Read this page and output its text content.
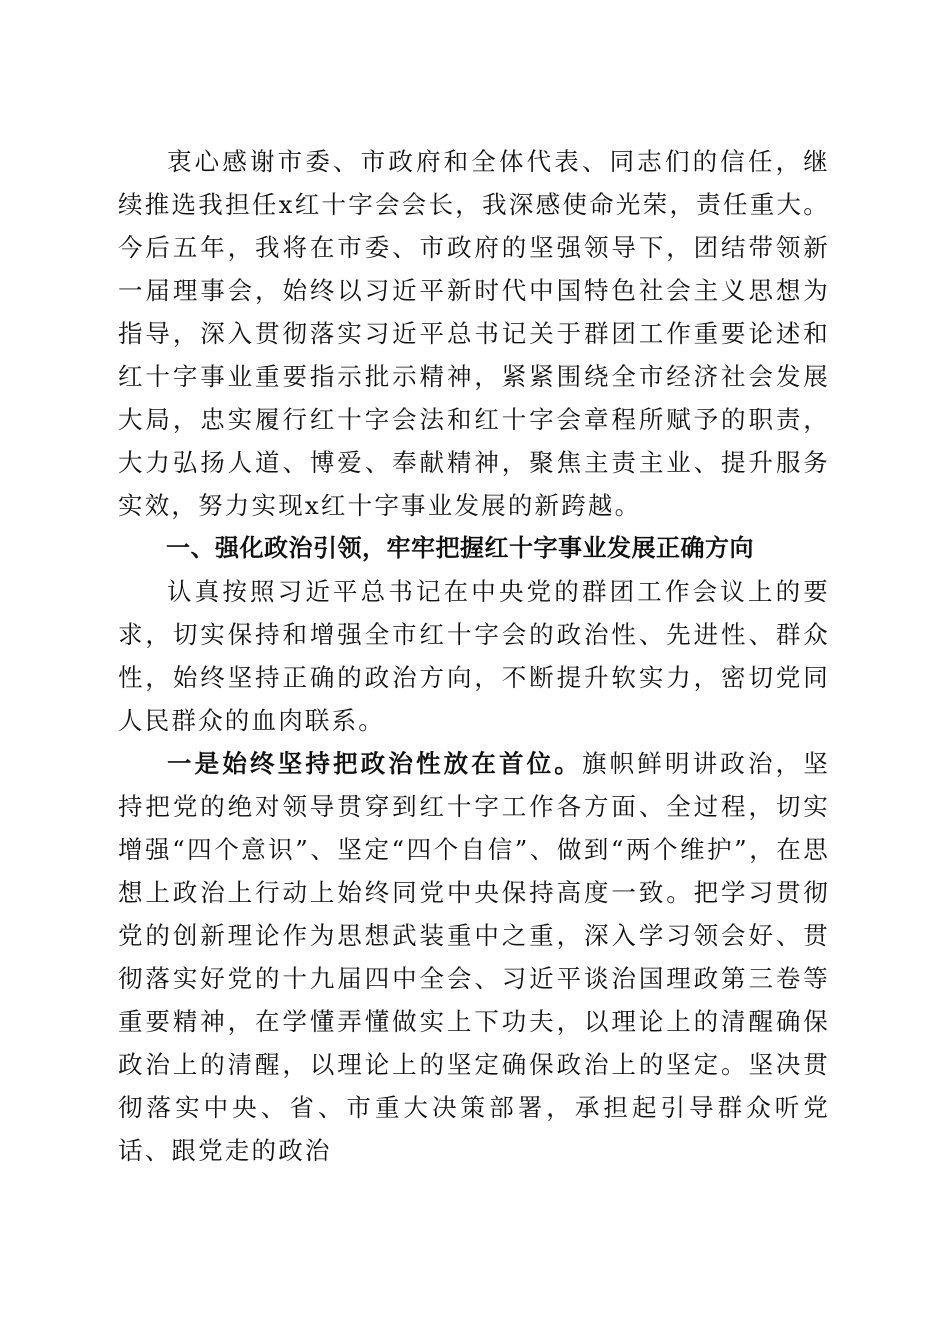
衷心感谢市委、市政府和全体代表、同志们的信任，继续推选我担任x红十字会会长，我深感使命光荣，责任重大。今后五年，我将在市委、市政府的坚强领导下，团结带领新一届理事会，始终以习近平新时代中国特色社会主义思想为指导，深入贯彻落实习近平总书记关于群团工作重要论述和红十字事业重要指示批示精神，紧紧围绕全市经济社会发展大局，忠实履行红十字会法和红十字会章程所赋予的职责，大力弘扬人道、博爱、奉献精神，聚焦主责主业、提升服务实效，努力实现x红十字事业发展的新跨越。

一、强化政治引领，牢牢把握红十字事业发展正确方向

认真按照习近平总书记在中央党的群团工作会议上的要求，切实保持和增强全市红十字会的政治性、先进性、群众性，始终坚持正确的政治方向，不断提升软实力，密切党同人民群众的血肉联系。

一是始终坚持把政治性放在首位。旗帜鲜明讲政治，坚持把党的绝对领导贯穿到红十字工作各方面、全过程，切实增强“四个意识”、坚定“四个自信”、做到“两个维护”，在思想上政治上行动上始终同党中央保持高度一致。把学习贯彻党的创新理论作为思想武装重中之重，深入学习领会好、贯彻落实好党的十九届四中全会、习近平谈治国理政第三卷等重要精神，在学懂弄懂做实上下功夫，以理论上的清醒确保政治上的清醒，以理论上的坚定确保政治上的坚定。坚决贯彻落实中央、省、市重大决策部署，承担起引导群众听党话、跟党走的政治
